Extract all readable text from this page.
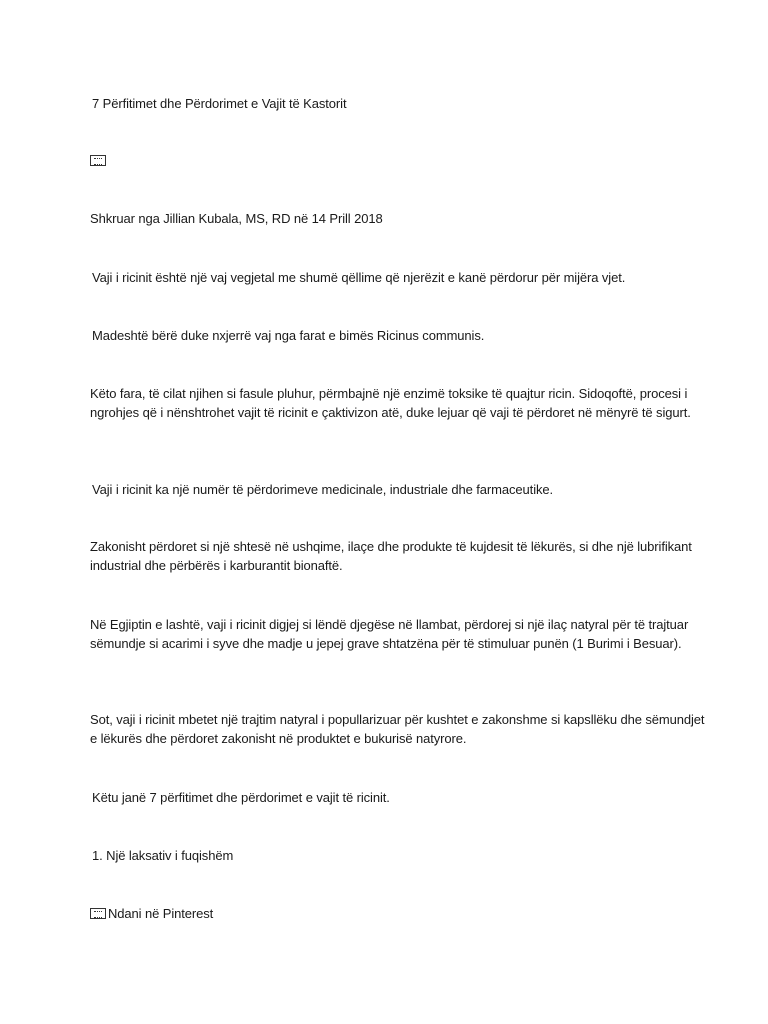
7 Përfitimet dhe Përdorimet e Vajit të Kastorit
Shkruar nga Jillian Kubala, MS, RD në 14 Prill 2018
Vaji i ricinit është një vaj vegjetal me shumë qëllime që njerëzit e kanë përdorur për mijëra vjet.
Madeshtë bërë duke nxjerrë vaj nga farat e bimës Ricinus communis.
Këto fara, të cilat njihen si fasule pluhur, përmbajnë një enzimë toksike të quajtur ricin. Sidoqoftë, procesi i ngrohjes që i nënshtrohet vajit të ricinit e çaktivizon atë, duke lejuar që vaji të përdoret në mënyrë të sigurt.
Vaji i ricinit ka një numër të përdorimeve medicinale, industriale dhe farmaceutike.
Zakonisht përdoret si një shtesë në ushqime, ilaçe dhe produkte të kujdesit të lëkurës, si dhe një lubrifikant industrial dhe përbërës i karburantit bionaftë.
Në Egjiptin e lashtë, vaji i ricinit digjej si lëndë djegëse në llambat, përdorej si një ilaç natyral për të trajtuar sëmundje si acarimi i syve dhe madje u jepej grave shtatzëna për të stimuluar punën (1 Burimi i Besuar).
Sot, vaji i ricinit mbetet një trajtim natyral i popullarizuar për kushtet e zakonshme si kapsllëku dhe sëmundjet e lëkurës dhe përdoret zakonisht në produktet e bukurisë natyrore.
Këtu janë 7 përfitimet dhe përdorimet e vajit të ricinit.
1. Një laksativ i fuqishëm
Ndani në Pinterest
